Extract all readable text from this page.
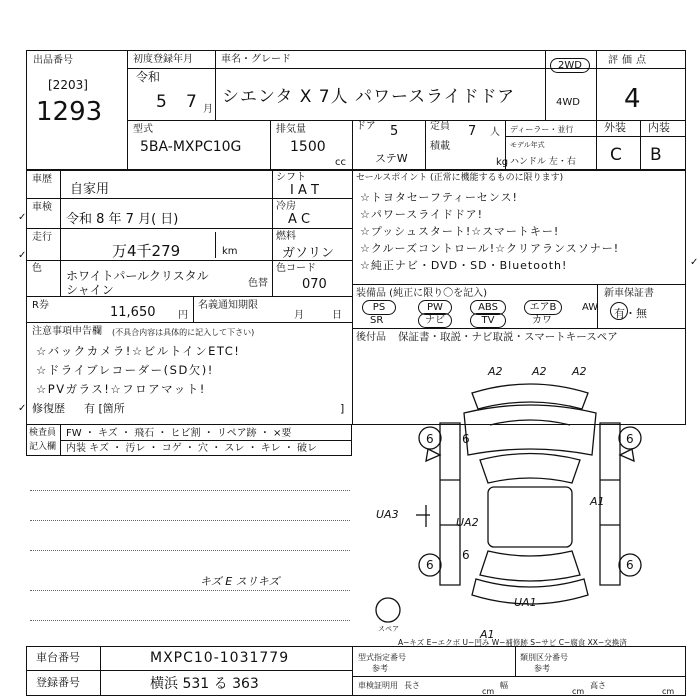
出品番号
[2203]
1293
初度登録年月
令和
5 7 月
車名・グレード
シエンタ X 7人 パワースライドドア
2WD
4WD
評価点
4
型式
5BA-MXPC10G
排気量
1500
cc
ドア 5
ステW
定員 7 人
積載
kg
ディーラー・並行
モデル年式
ハンドル 左・右
外装 内装
C B
車歴
自家用
✓
車検
令和 8 年 7 月( 日)
走行
万4千279	km
✓
色
ホワイトパールクリスタル
シャイン	色替
シフト
I A T
冷房
A C
燃料
ガソリン
色コード
070
R券	11,650 円
名義通知期限
月	日
セールスポイント (正常に機能するものに限ります)
☆トヨタセーフティーセンス!
☆パワースライドドア!
☆プッシュスタート!☆スマートキー!
☆クルーズコントロール!☆クリアランスソナー!
☆純正ナビ・DVD・SD・Bluetooth!	✓
装備品 (純正に限り〇を記入)
PS	PW	ABS	エアB	AW
SR	ナビ	TV	カワ
新車保証書
有・無
後付品 保証書・取説・ナビ取説・スマートキースペア
注意事項申告欄 (不具合内容は具体的に記入して下さい)
☆バックカメラ!☆ビルトインETC!
☆ドライブレコーダー(SD欠)!
☆PVガラス!☆フロアマット!
修復歴 有 [箇所	]
✓
検査員
記入欄
FW ・ キズ ・ 飛石 ・ ヒビ割 ・ リペア跡 ・ ×要
内装 キズ ・ 汚レ ・ コゲ ・ 穴 ・ スレ ・ キレ ・ 破レ
キズ E スリキズ
A2	A2 A2
6	6
6
6	6
6
A1
UA3
UA2
UA1
A1
スペア
A−キズ E−エクボ U−凹み W−補修跡 S−サビ C−腐食 XX−交換済
車台番号	MXPC10-1031779
登録番号	横浜 531 る 363
型式指定番号
参考
類別区分番号
参考
車検証明用 長さ
cm
幅
cm
高さ
cm
